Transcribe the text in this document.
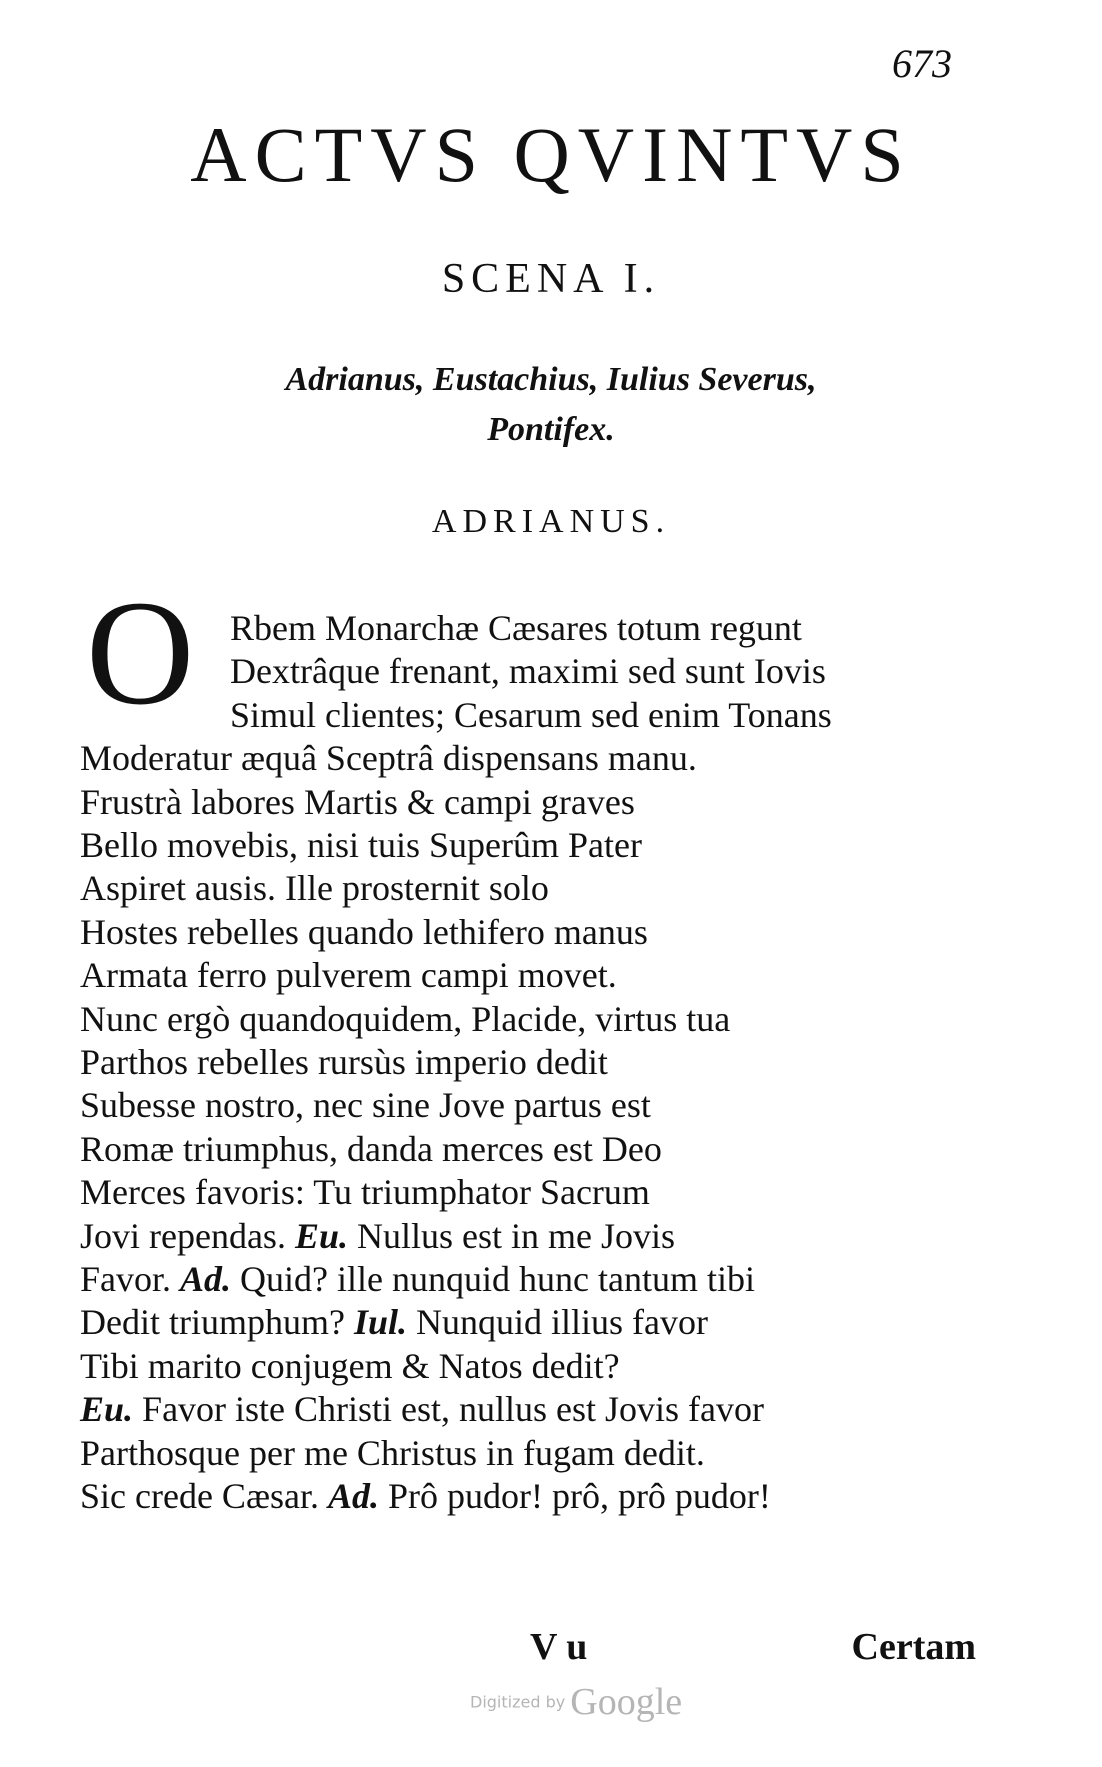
673
ACTVS QVINTVS
SCENA I.
Adrianus, Eustachius, Iulius Severus,
Pontifex.
ADRIANUS.
O Rbem Monarchæ Cæsares totum regunt
Dextrâque frenant, maximi sed sunt Iovis
Simul clientes; Cesarum sed enim Tonans
Moderatur æquâ Sceptrâ dispensans manu.
Frustrà labores Martis & campi graves
Bello movebis, nisi tuis Superûm Pater
Aspiret ausis. Ille prosternit solo
Hostes rebelles quando lethifero manus
Armata ferro pulverem campi movet.
Nunc ergò quandoquidem, Placide, virtus tua
Parthos rebelles rursùs imperio dedit
Subesse nostro, nec sine Jove partus est
Romæ triumphus, danda merces est Deo
Merces favoris: Tu triumphator Sacrum
Jovi rependas. Eu. Nullus est in me Jovis
Favor. Ad. Quid? ille nunquid hunc tantum tibi
Dedit triumphum? Iul. Nunquid illius favor
Tibi marito conjugem & Natos dedit?
Eu. Favor iste Christi est, nullus est Jovis favor
Parthosque per me Christus in fugam dedit.
Sic crede Cæsar. Ad. Prô pudor! prô, prô pudor!
V u	Certam
Digitized by Google
